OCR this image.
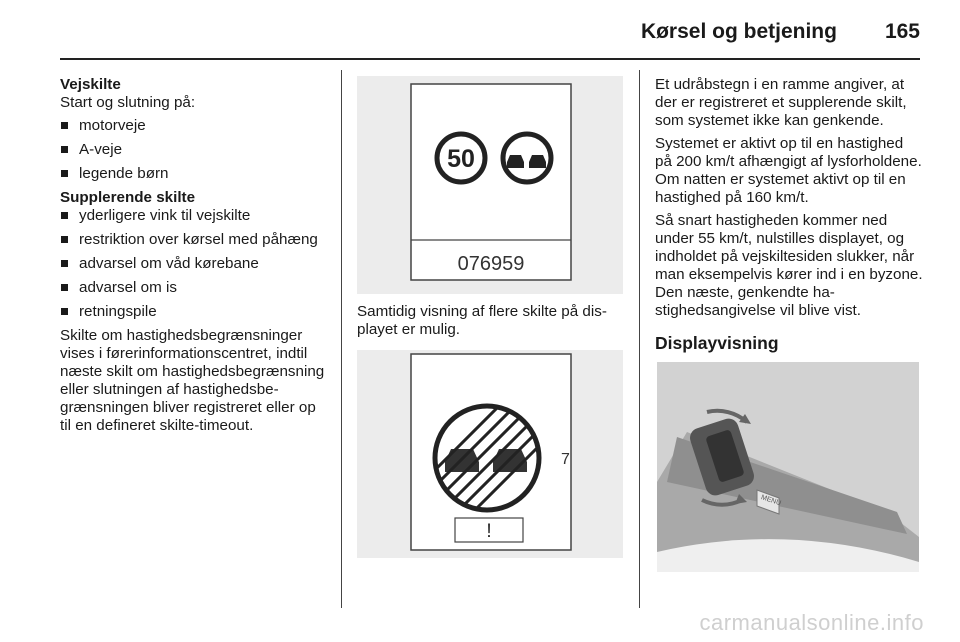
Kørsel og betjening 165
Vejskilte

Start og slutning på:

motorveje
A-veje
legende børn
Supplerende skilte
yderligere vink til vejskilte
restriktion over kørsel med påhæng
advarsel om våd kørebane
advarsel om is
retningspile

Skilte om hastighedsbegrænsninger vises i førerinformationscentret, indtil næste skilt om hastighedsbegrænsning eller slutningen af hastighedsbegrænsningen bliver registreret eller op til en defineret skilte-timeout.

50
076959

Samtidig visning af flere skilte på displayet er mulig.

7
!

Et udråbstegn i en ramme angiver, at der er registreret et supplerende skilt, som systemet ikke kan genkende.

Systemet er aktivt op til en hastighed på 200 km/t afhængigt af lysforholdene. Om natten er systemet aktivt op til en hastighed på 160 km/t.

Så snart hastigheden kommer ned under 55 km/t, nulstilles displayet, og indholdet på vejskiltesiden slukker, når man eksempelvis kører ind i en byzone. Den næste, genkendte hastighedsangivelse vil blive vist.

Displayvisning
MENU
carmanualsonline.info
